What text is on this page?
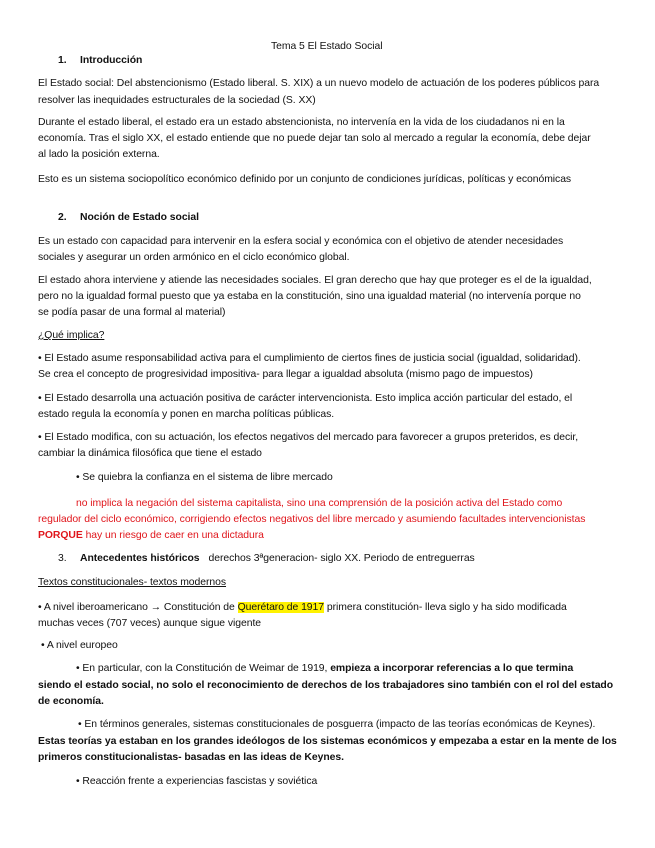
Tema 5 El Estado Social
1. Introducción
El Estado social: Del abstencionismo (Estado liberal. S. XIX) a un nuevo modelo de actuación de los poderes públicos para
resolver las inequidades estructurales de la sociedad (S. XX)
Durante el estado liberal, el estado era un estado abstencionista, no intervenía en la vida de los ciudadanos ni en la
economía. Tras el siglo XX, el estado entiende que no puede dejar tan solo al mercado a regular la economía, debe dejar
al lado la posición externa.
Esto es un sistema sociopolítico económico definido por un conjunto de condiciones jurídicas, políticas y económicas
2. Noción de Estado social
Es un estado con capacidad para intervenir en la esfera social y económica con el objetivo de atender necesidades
sociales y asegurar un orden armónico en el ciclo económico global.
El estado ahora interviene y atiende las necesidades sociales. El gran derecho que hay que proteger es el de la igualdad,
pero no la igualdad formal puesto que ya estaba en la constitución, sino una igualdad material (no intervenía porque no
se podía pasar de una formal al material)
¿Qué implica?
• El Estado asume responsabilidad activa para el cumplimiento de ciertos fines de justicia social (igualdad, solidaridad).
Se crea el concepto de progresividad impositiva- para llegar a igualdad absoluta (mismo pago de impuestos)
• El Estado desarrolla una actuación positiva de carácter intervencionista. Esto implica acción particular del estado, el
estado regula la economía y ponen en marcha políticas públicas.
• El Estado modifica, con su actuación, los efectos negativos del mercado para favorecer a grupos preteridos, es decir,
cambiar la dinámica filosófica que tiene el estado
• Se quiebra la confianza en el sistema de libre mercado
no implica la negación del sistema capitalista, sino una comprensión de la posición activa del Estado como
regulador del ciclo económico, corrigiendo efectos negativos del libre mercado y asumiendo facultades intervencionistas
PORQUE hay un riesgo de caer en una dictadura
3. Antecedentes históricos derechos 3ªgeneracion- siglo XX. Periodo de entreguerras
Textos constitucionales- textos modernos
• A nivel iberoamericano → Constitución de Querétaro de 1917 primera constitución- lleva siglo y ha sido modificada
muchas veces (707 veces) aunque sigue vigente
• A nivel europeo
• En particular, con la Constitución de Weimar de 1919, empieza a incorporar referencias a lo que termina
siendo el estado social, no solo el reconocimiento de derechos de los trabajadores sino también con el rol del estado
de economía.
• En términos generales, sistemas constitucionales de posguerra (impacto de las teorías económicas de Keynes).
Estas teorías ya estaban en los grandes ideólogos de los sistemas económicos y empezaba a estar en la mente de los
primeros constitucionalistas- basadas en las ideas de Keynes.
• Reacción frente a experiencias fascistas y soviética
